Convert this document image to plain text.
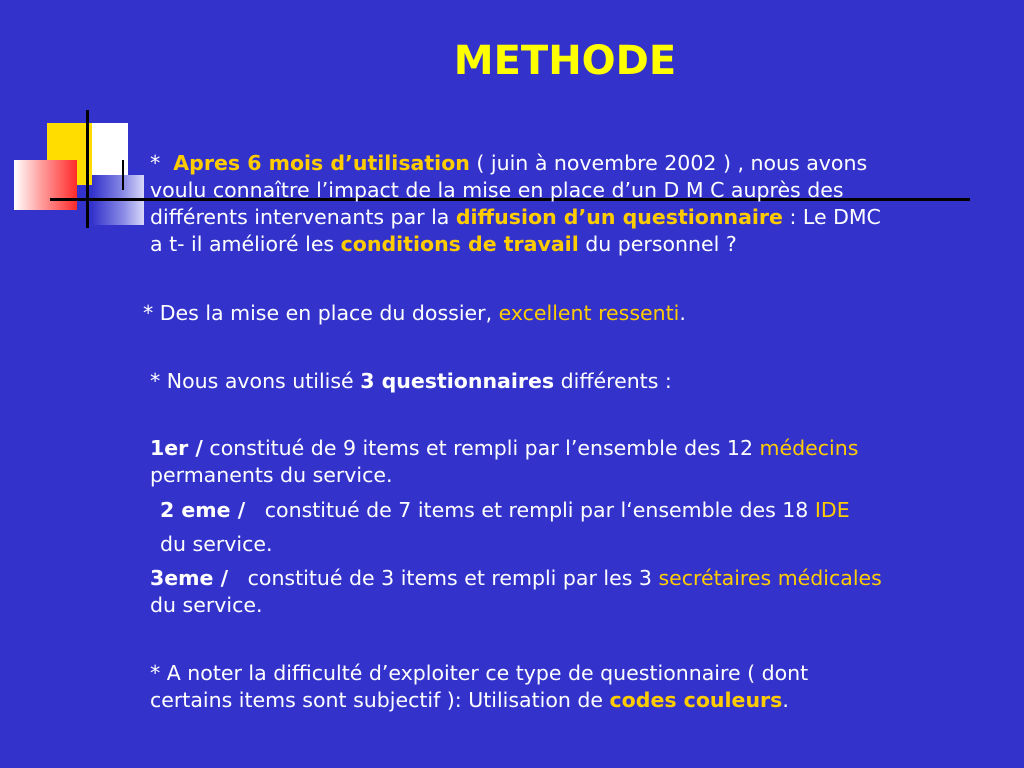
METHODE
* Apres 6 mois d’utilisation ( juin à novembre 2002 ) , nous avons
voulu connaître l’impact de la mise en place d’un D M C auprès des
différents intervenants par la diffusion d’un questionnaire : Le DMC
a t- il amélioré les conditions de travail du personnel ?
* Des la mise en place du dossier, excellent ressenti.
* Nous avons utilisé 3 questionnaires différents :
1er / constitué de 9 items et rempli par l’ensemble des 12 médecins
permanents du service.
2 eme / constitué de 7 items et rempli par l‘ensemble des 18 IDE
du service.
3eme / constitué de 3 items et rempli par les 3 secrétaires médicales
du service.
* A noter la difficulté d’exploiter ce type de questionnaire ( dont
certains items sont subjectif ): Utilisation de codes couleurs.
